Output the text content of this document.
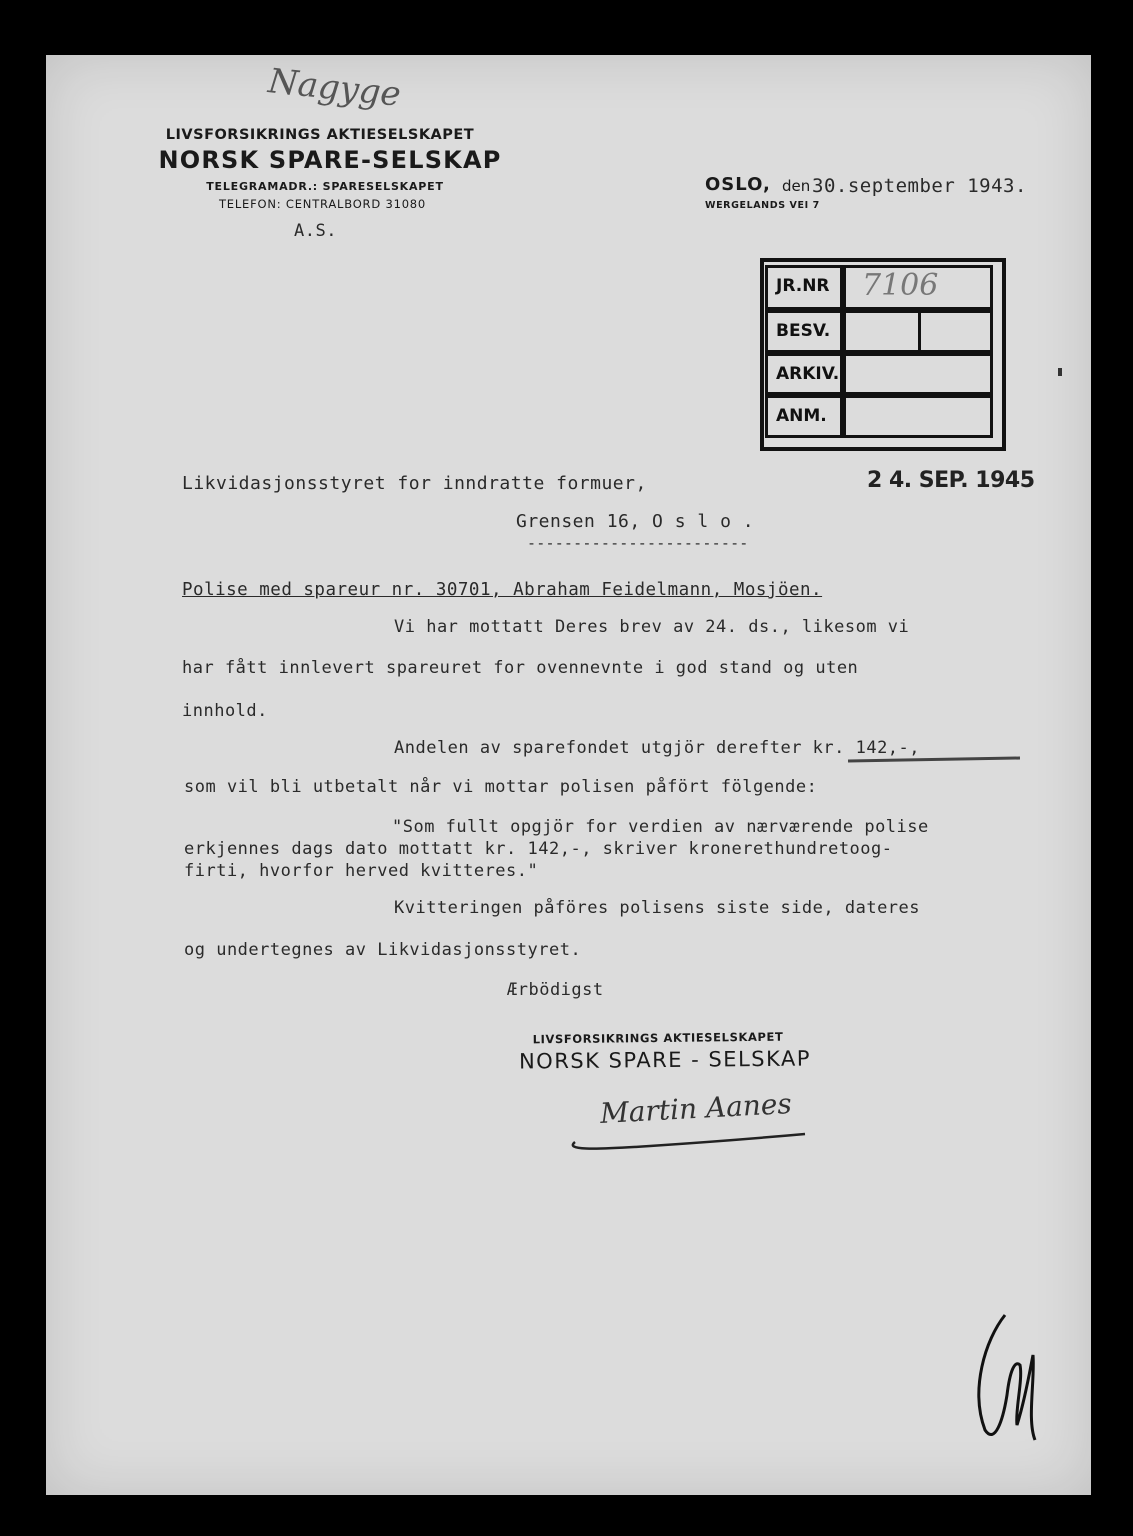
Nagyge
LIVSFORSIKRINGS AKTIESELSKAPET
NORSK SPARE-SELSKAP
TELEGRAMADR.: SPARESELSKAPET
TELEFON: CENTRALBORD 31080
A.S.
OSLO, den 30.september 1943.
WERGELANDS VEI 7
JR.NR	7106
BESV.
ARKIV.
ANM.
Likvidasjonsstyret for inndratte formuer,	2 4. SEP. 1945
Grensen 16, O s l o .
------------------------
Polise med spareur nr. 30701, Abraham Feidelmann, Mosjöen.
Vi har mottatt Deres brev av 24. ds., likesom vi
har fått innlevert spareuret for ovennevnte i god stand og uten
innhold.
Andelen av sparefondet utgjör derefter kr. 142,-,
som vil bli utbetalt når vi mottar polisen påfört fölgende:
"Som fullt opgjör for verdien av nærværende polise
erkjennes dags dato mottatt kr. 142,-, skriver kronerethundretoog-
firti, hvorfor herved kvitteres."
Kvitteringen påföres polisens siste side, dateres
og undertegnes av Likvidasjonsstyret.
Ærbödigst
LIVSFORSIKRINGS AKTIESELSKAPET
NORSK SPARE - SELSKAP
Martin Aanes
